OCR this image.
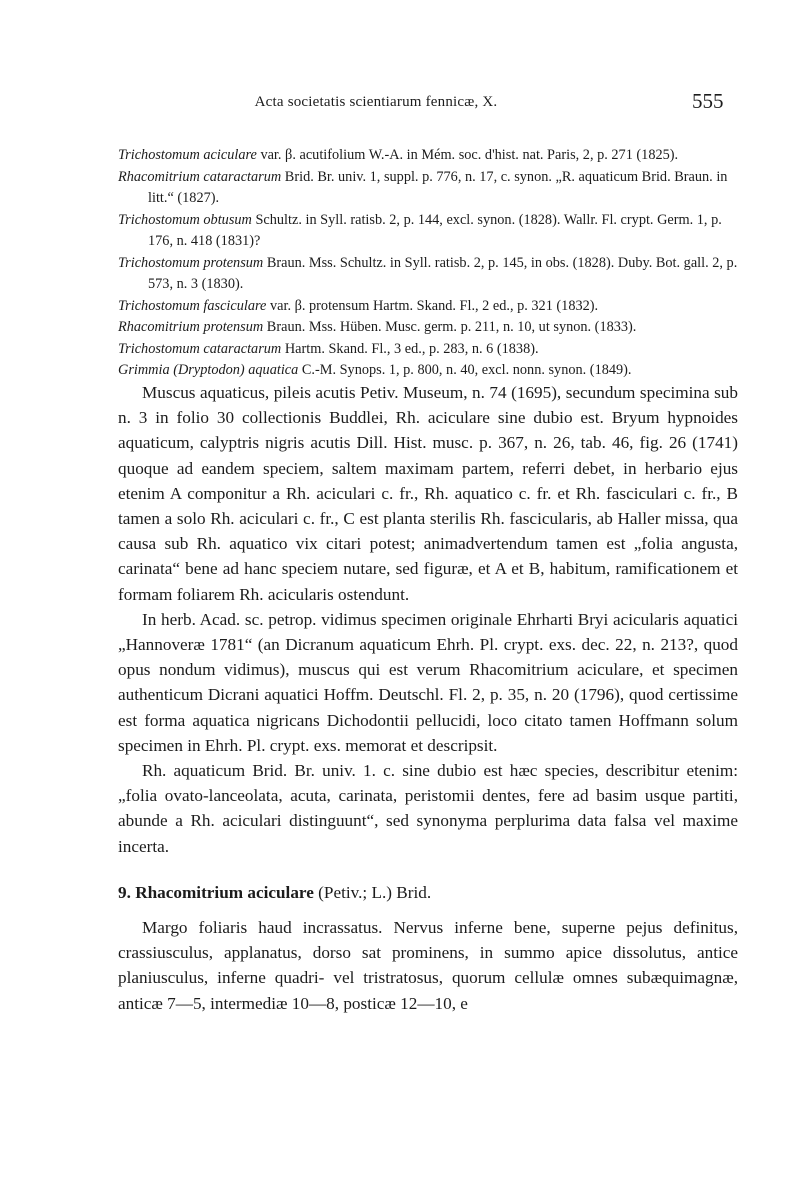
Acta societatis scientiarum fennicæ, X.	555

Trichostomum aciculare var. β. acutifolium W.-A. in Mém. soc. d'hist. nat. Paris, 2, p. 271 (1825).

Rhacomitrium cataractarum Brid. Br. univ. 1, suppl. p. 776, n. 17, c. synon. „R. aquaticum Brid. Braun. in litt.“ (1827).

Trichostomum obtusum Schultz. in Syll. ratisb. 2, p. 144, excl. synon. (1828). Wallr. Fl. crypt. Germ. 1, p. 176, n. 418 (1831)?

Trichostomum protensum Braun. Mss. Schultz. in Syll. ratisb. 2, p. 145, in obs. (1828). Duby. Bot. gall. 2, p. 573, n. 3 (1830).

Trichostomum fasciculare var. β. protensum Hartm. Skand. Fl., 2 ed., p. 321 (1832).

Rhacomitrium protensum Braun. Mss. Hüben. Musc. germ. p. 211, n. 10, ut synon. (1833).

Trichostomum cataractarum Hartm. Skand. Fl., 3 ed., p. 283, n. 6 (1838).

Grimmia (Dryptodon) aquatica C.-M. Synops. 1, p. 800, n. 40, excl. nonn. synon. (1849).

Muscus aquaticus, pileis acutis Petiv. Museum, n. 74 (1695), secundum specimina sub n. 3 in folio 30 collectionis Buddlei, Rh. aciculare sine dubio est. Bryum hypnoides aquaticum, calyptris nigris acutis Dill. Hist. musc. p. 367, n. 26, tab. 46, fig. 26 (1741) quoque ad eandem speciem, saltem maximam partem, referri debet, in herbario ejus etenim A componitur a Rh. aciculari c. fr., Rh. aquatico c. fr. et Rh. fasciculari c. fr., B tamen a solo Rh. aciculari c. fr., C est planta sterilis Rh. fascicularis, ab Haller missa, qua causa sub Rh. aquatico vix citari potest; animadvertendum tamen est „folia angusta, carinata“ bene ad hanc speciem nutare, sed figuræ, et A et B, habitum, ramificationem et formam foliarem Rh. acicularis ostendunt.

In herb. Acad. sc. petrop. vidimus specimen originale Ehrharti Bryi acicularis aquatici „Hannoveræ 1781“ (an Dicranum aquaticum Ehrh. Pl. crypt. exs. dec. 22, n. 213?, quod opus nondum vidimus), muscus qui est verum Rhacomitrium aciculare, et specimen authenticum Dicrani aquatici Hoffm. Deutschl. Fl. 2, p. 35, n. 20 (1796), quod certissime est forma aquatica nigricans Dichodontii pellucidi, loco citato tamen Hoffmann solum specimen in Ehrh. Pl. crypt. exs. memorat et descripsit.

Rh. aquaticum Brid. Br. univ. 1. c. sine dubio est hæc species, describitur etenim: „folia ovato-lanceolata, acuta, carinata, peristomii dentes, fere ad basim usque partiti, abunde a Rh. aciculari distinguunt“, sed synonyma perplurima data falsa vel maxime incerta.

9. Rhacomitrium aciculare (Petiv.; L.) Brid.

Margo foliaris haud incrassatus. Nervus inferne bene, superne pejus definitus, crassiusculus, applanatus, dorso sat prominens, in summo apice dissolutus, antice planiusculus, inferne quadri- vel tristratosus, quorum cellulæ omnes subæquimagnæ, anticæ 7—5, intermediæ 10—8, posticæ 12—10, e
